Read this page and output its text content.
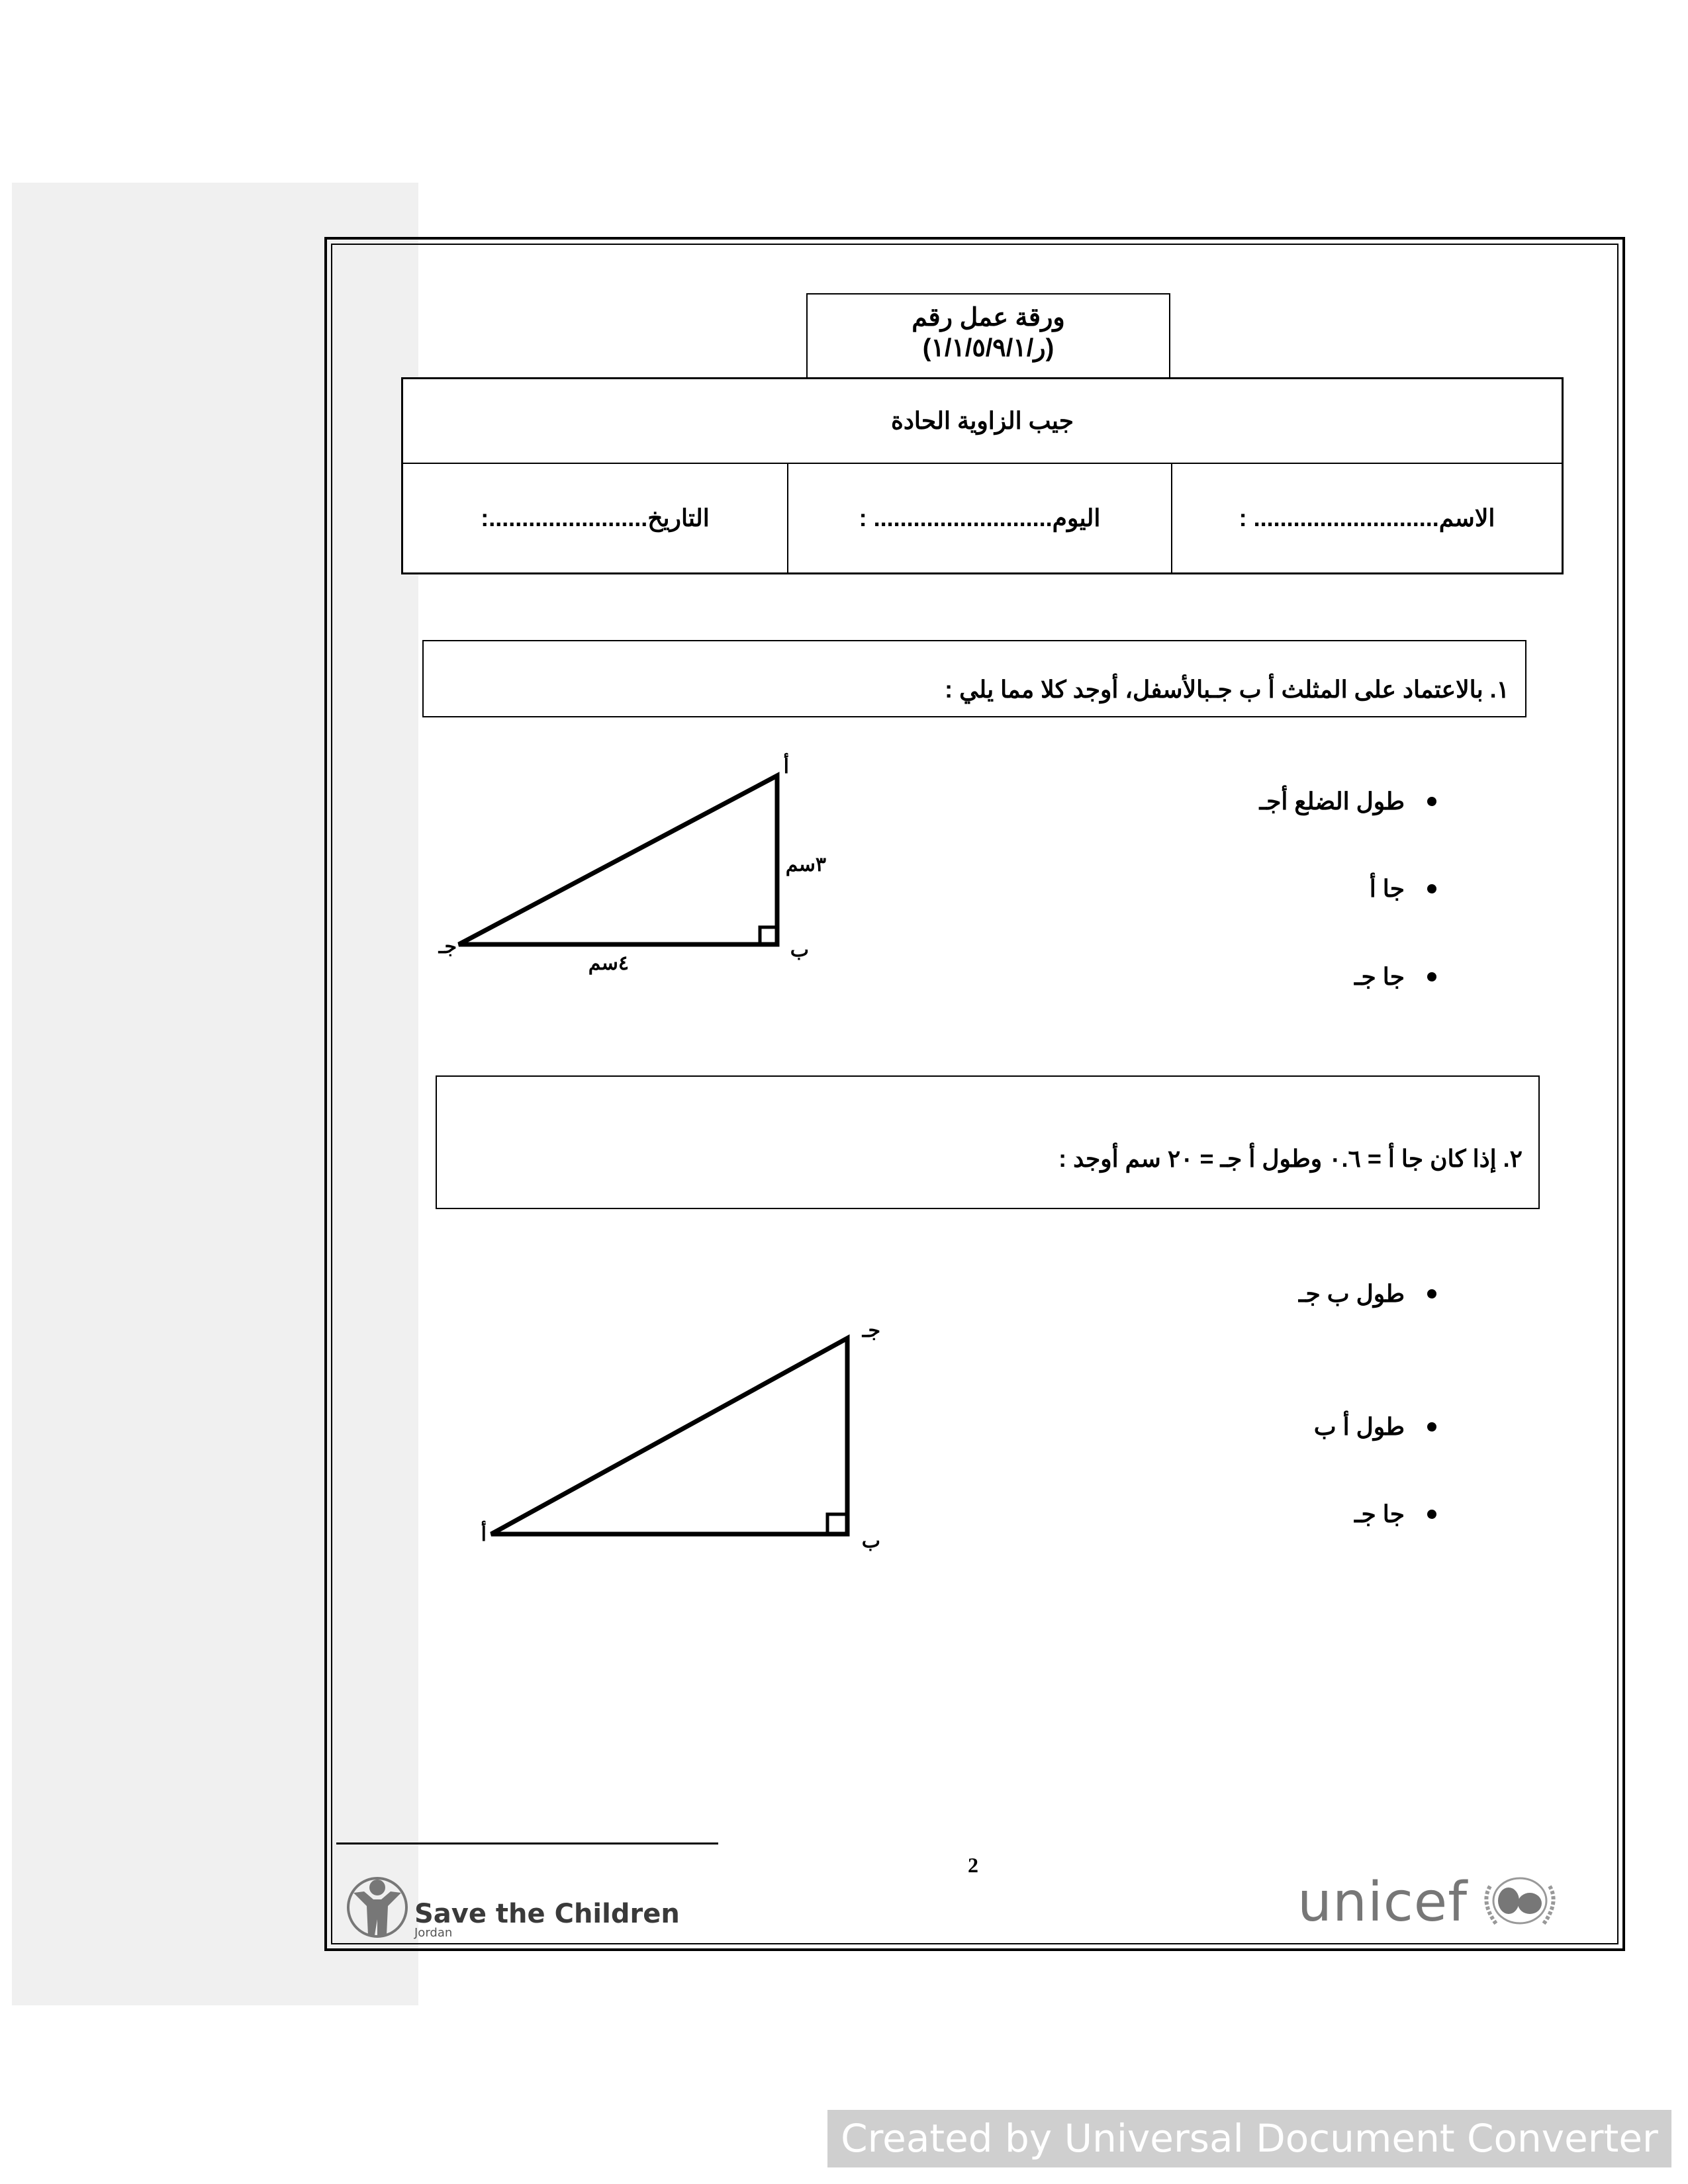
ورقة عمل رقم
(ر/١/١/٥/٩/١)
جيب الزاوية الحادة
الاسم............................ :
اليوم........................... :
التاريخ........................:
١. بالاعتماد على المثلث أ ب جـبالأسفل، أوجد كلا مما يلي :
طول الضلع أجـ
جا أ
جا جـ
٢. إذا كان جا أ = ٠.٦ وطول أ جـ = ٢٠ سم أوجد :
طول ب جـ
طول أ ب
جا جـ
أ
ب
جـ
٣سم
٤سم
أ	ب
جـ
2
Save the Children
Jordan	unicef
Created by Universal Document Converter
